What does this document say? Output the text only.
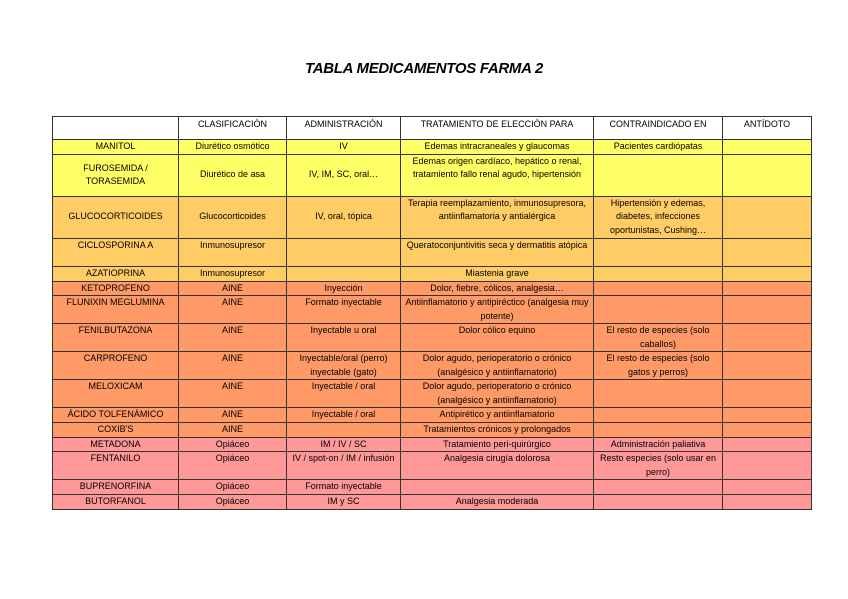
TABLA MEDICAMENTOS FARMA 2
	CLASIFICACIÓN	ADMINISTRACIÓN	TRATAMIENTO DE ELECCIÓN PARA	CONTRAINDICADO EN	ANTÍDOTO
MANITOL	Diurético osmótico	IV	Edemas intracraneales y glaucomas	Pacientes cardiópatas	
FUROSEMIDA / TORASEMIDA	Diurético de asa	IV, IM, SC, oral…	Edemas origen cardíaco, hepático o renal, tratamiento fallo renal agudo, hipertensión		
GLUCOCORTICOIDES	Glucocorticoides	IV, oral, tópica	Terapia reemplazamiento, inmunosupresora, antiinflamatoria y antialérgica	Hipertensión y edemas, diabetes, infecciones oportunistas, Cushing…	
CICLOSPORINA A	Inmunosupresor		Queratoconjuntivitis seca y dermatitis atópica		
AZATIOPRINA	Inmunosupresor		Miastenia grave		
KETOPROFENO	AINE	Inyección	Dolor, fiebre, cólicos, analgesia…		
FLUNIXIN MEGLUMINA	AINE	Formato inyectable	Antiinflamatorio y antipiréctico (analgesia muy potente)		
FENILBUTAZONA	AINE	Inyectable u oral	Dolor cólico equino	El resto de especies (solo caballos)	
CARPROFENO	AINE	Inyectable/oral (perro) inyectable (gato)	Dolor agudo, perioperatorio o crónico (analgésico y antiinflamatorio)	El resto de especies (solo gatos y perros)	
MELOXICAM	AINE	Inyectable / oral	Dolor agudo, perioperatorio o crónico (analgésico y antiinflamatorio)		
ÁCIDO TOLFENÁMICO	AINE	Inyectable / oral	Antipirético y antiinflamatorio		
COXIB'S	AINE		Tratamientos crónicos y prolongados		
METADONA	Opiáceo	IM / IV / SC	Tratamiento peri-quirúrgico	Administración paliativa	
FENTANILO	Opiáceo	IV / spot-on / IM / infusión	Analgesia cirugía dolorosa	Resto especies (solo usar en perro)	
BUPRENORFINA	Opiáceo	Formato inyectable			
BUTORFANOL	Opiáceo	IM y SC	Analgesia moderada		
